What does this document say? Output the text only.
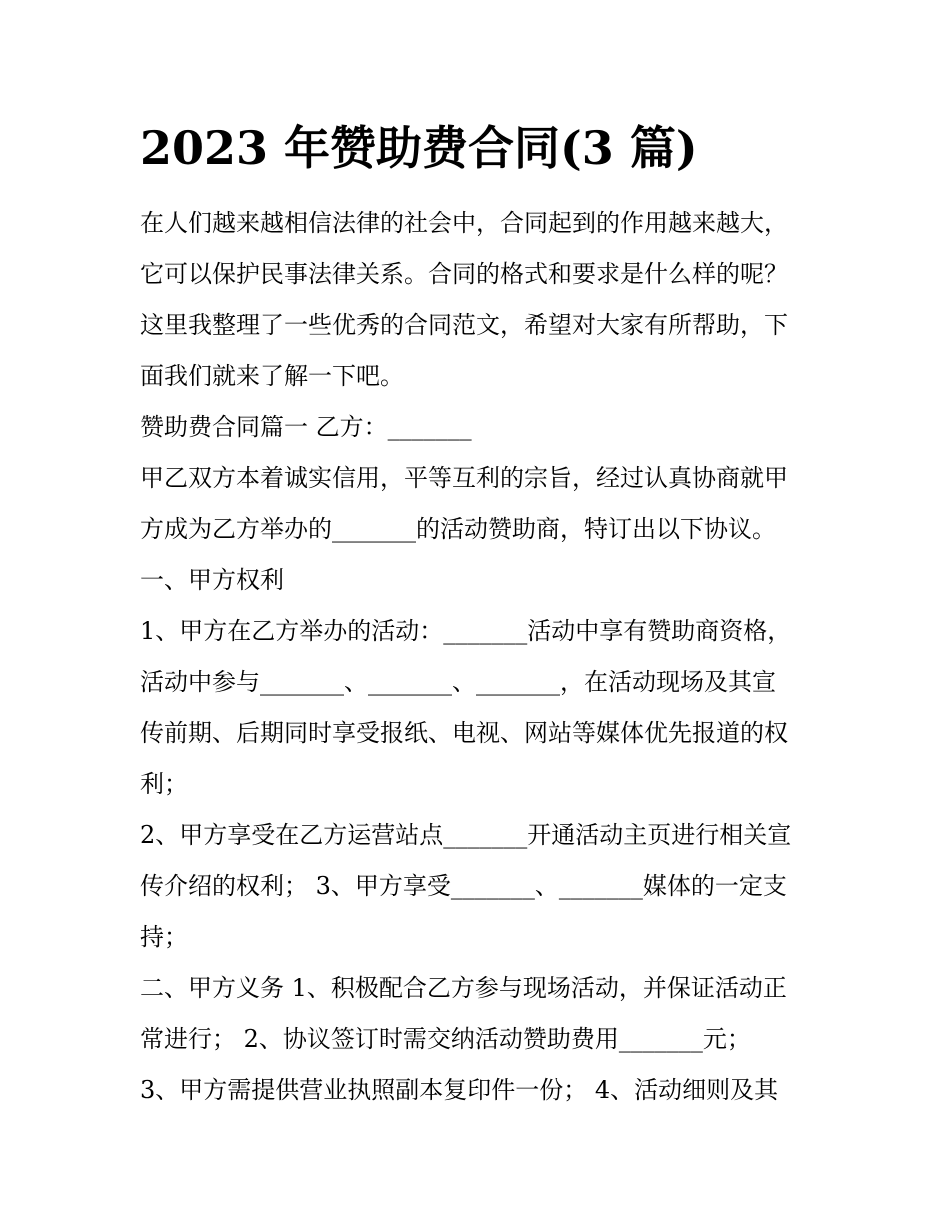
2023 年赞助费合同(3 篇)
在人们越来越相信法律的社会中，合同起到的作用越来越大，
它可以保护民事法律关系。合同的格式和要求是什么样的呢？
这里我整理了一些优秀的合同范文，希望对大家有所帮助，下
面我们就来了解一下吧。
赞助费合同篇一 乙方：_______
甲乙双方本着诚实信用，平等互利的宗旨，经过认真协商就甲
方成为乙方举办的_______的活动赞助商，特订出以下协议。
一、甲方权利
1、甲方在乙方举办的活动：_______活动中享有赞助商资格，
活动中参与_______、_______、_______，在活动现场及其宣
传前期、后期同时享受报纸、电视、网站等媒体优先报道的权
利；
2、甲方享受在乙方运营站点_______开通活动主页进行相关宣
传介绍的权利； 3、甲方享受_______、_______媒体的一定支
持；
二、甲方义务 1、积极配合乙方参与现场活动，并保证活动正
常进行； 2、协议签订时需交纳活动赞助费用_______元；
3、甲方需提供营业执照副本复印件一份； 4、活动细则及其
